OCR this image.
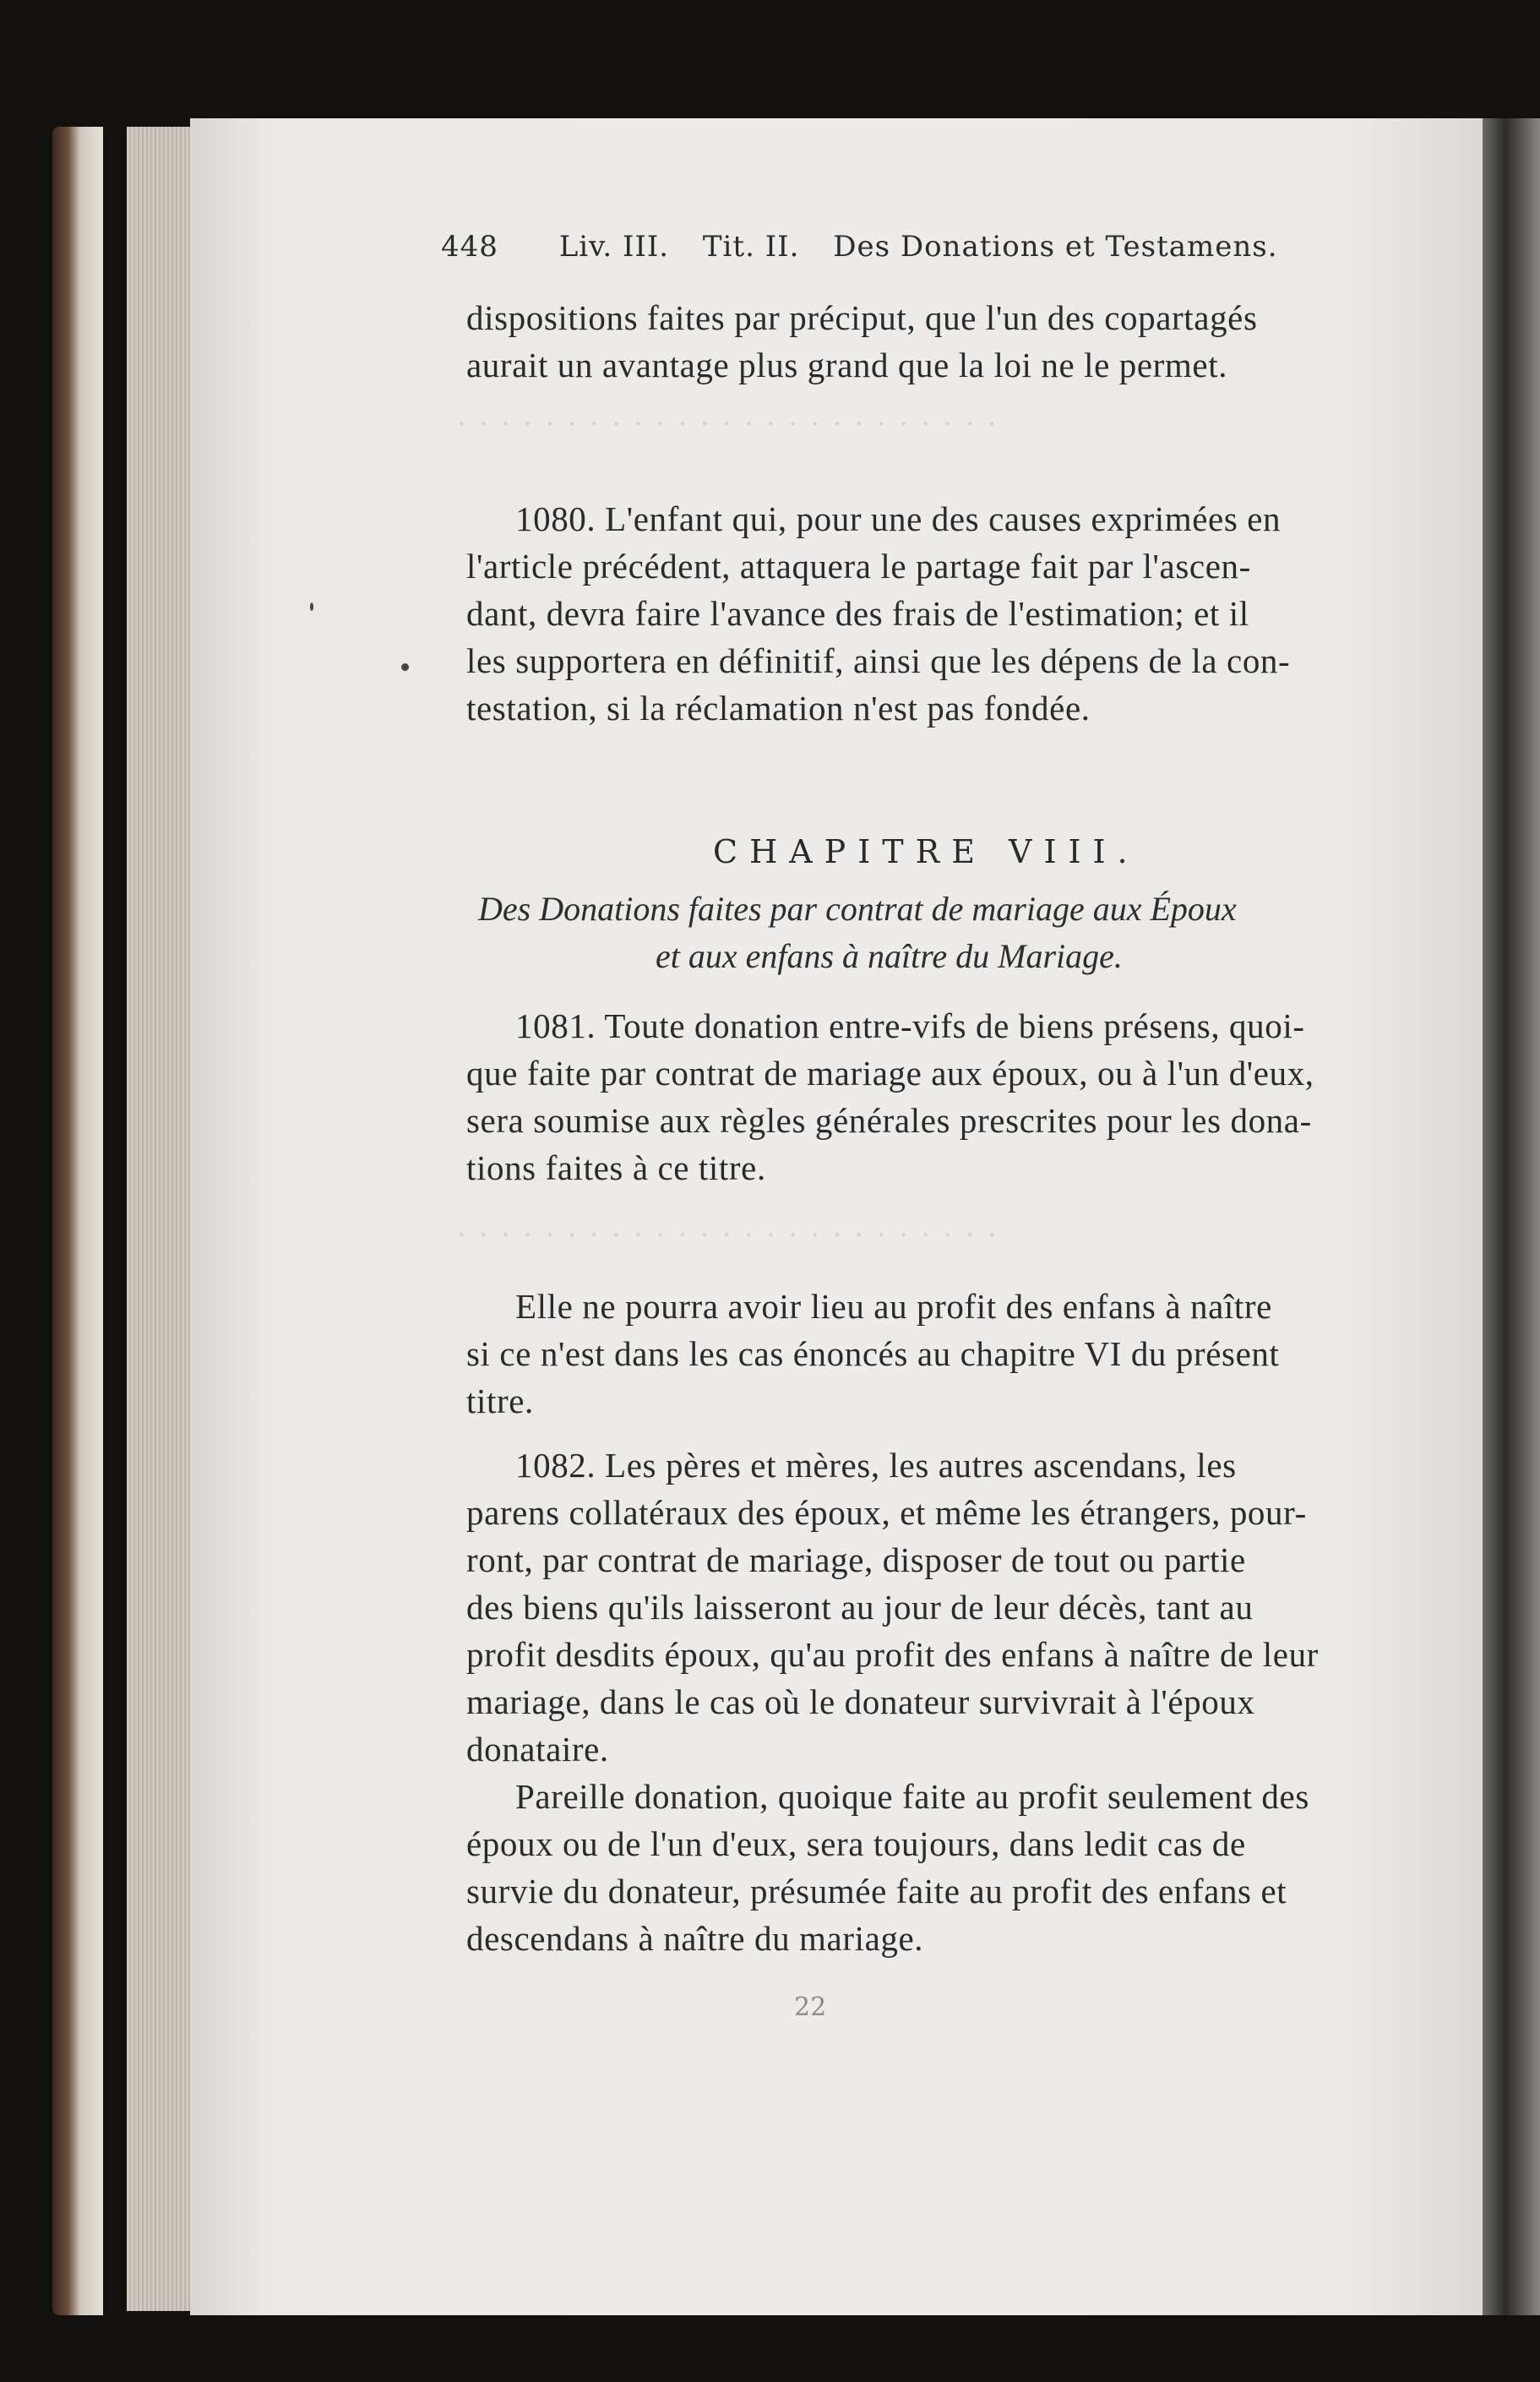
448 Liv. III. Tit. II. Des Donations et Testamens.
dispositions faites par préciput, que l'un des copartagés
aurait un avantage plus grand que la loi ne le permet.
· · · · · · · · · · · · · · · · · · · · · · · · ·
1080. L'enfant qui, pour une des causes exprimées en
l'article précédent, attaquera le partage fait par l'ascen-
dant, devra faire l'avance des frais de l'estimation; et il
les supportera en définitif, ainsi que les dépens de la con-
testation, si la réclamation n'est pas fondée.
CHAPITRE VIII.
Des Donations faites par contrat de mariage aux Époux
et aux enfans à naître du Mariage.
1081. Toute donation entre-vifs de biens présens, quoi-
que faite par contrat de mariage aux époux, ou à l'un d'eux,
sera soumise aux règles générales prescrites pour les dona-
tions faites à ce titre.
· · · · · · · · · · · · · · · · · · · · · · · · ·
Elle ne pourra avoir lieu au profit des enfans à naître
si ce n'est dans les cas énoncés au chapitre VI du présent
titre.
1082. Les pères et mères, les autres ascendans, les
parens collatéraux des époux, et même les étrangers, pour-
ront, par contrat de mariage, disposer de tout ou partie
des biens qu'ils laisseront au jour de leur décès, tant au
profit desdits époux, qu'au profit des enfans à naître de leur
mariage, dans le cas où le donateur survivrait à l'époux
donataire.
Pareille donation, quoique faite au profit seulement des
époux ou de l'un d'eux, sera toujours, dans ledit cas de
survie du donateur, présumée faite au profit des enfans et
descendans à naître du mariage.
22
